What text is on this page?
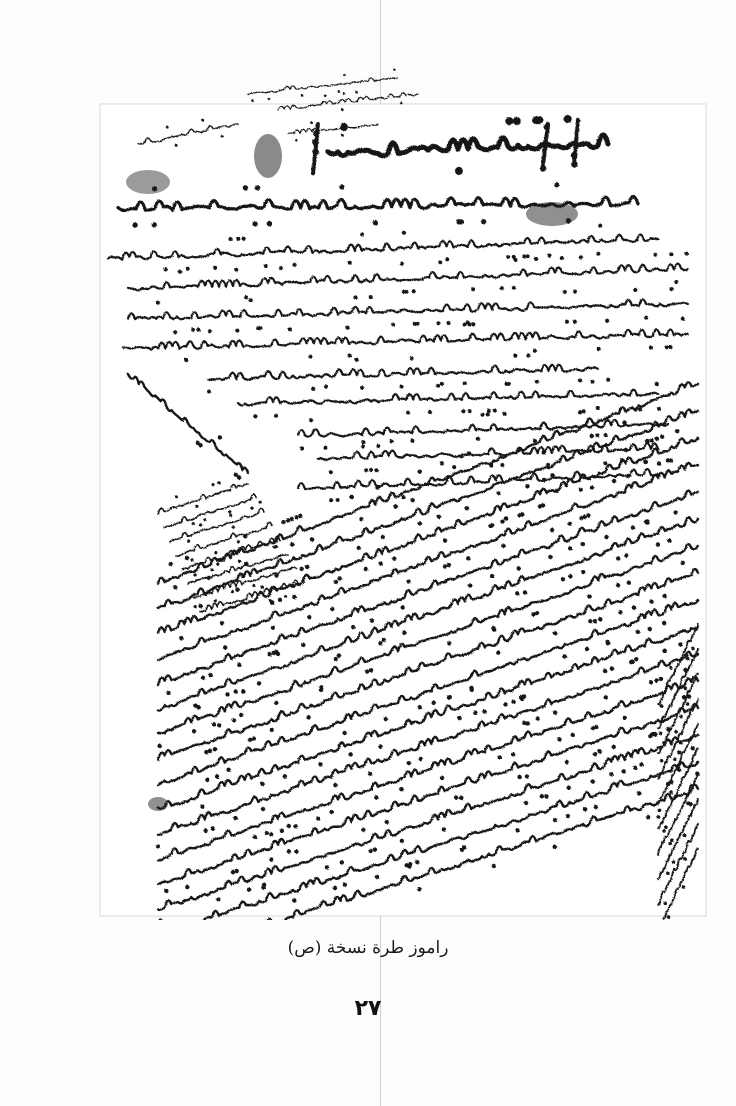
راموز طرة نسخة (ص)
٢٧
